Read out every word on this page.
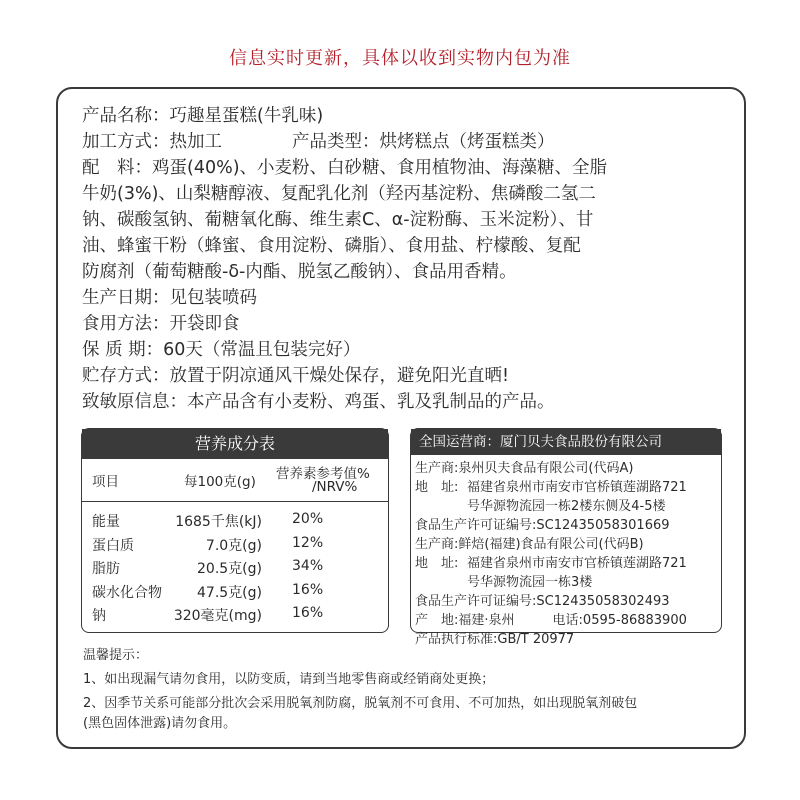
信息实时更新，具体以收到实物内包为准
产品名称：巧趣星蛋糕(牛乳味)
加工方式：热加工	产品类型：烘烤糕点（烤蛋糕类）
配　料：鸡蛋(40%)、小麦粉、白砂糖、食用植物油、海藻糖、全脂
牛奶(3%)、山梨糖醇液、复配乳化剂（羟丙基淀粉、焦磷酸二氢二
钠、碳酸氢钠、葡糖氧化酶、维生素C、α-淀粉酶、玉米淀粉）、甘
油、蜂蜜干粉（蜂蜜、食用淀粉、磷脂）、食用盐、柠檬酸、复配
防腐剂（葡萄糖酸-δ-内酯、脱氢乙酸钠）、食品用香精。
生产日期：见包装喷码
食用方法：开袋即食
保 质 期：60天（常温且包装完好）
贮存方式：放置于阴凉通风干燥处保存，避免阳光直晒!
致敏原信息：本产品含有小麦粉、鸡蛋、乳及乳制品的产品。
营养成分表
项目	每100克(g) 营养素参考值%
/NRV%
能量	1685千焦(kJ) 20%
蛋白质	7.0克(g) 12%
脂肪	20.5克(g) 34%
碳水化合物	47.5克(g) 16%
钠	320毫克(mg) 16%
全国运营商：厦门贝夫食品股份有限公司
生产商:泉州贝夫食品有限公司(代码A)
地　址: 福建省泉州市南安市官桥镇莲湖路721
号华源物流园一栋2楼东侧及4-5楼
食品生产许可证编号:SC12435058301669
生产商:鲜焙(福建)食品有限公司(代码B)
地　址: 福建省泉州市南安市官桥镇莲湖路721
号华源物流园一栋3楼
食品生产许可证编号:SC12435058302493
产　地:福建·泉州	电话:0595-86883900
产品执行标准:GB/T 20977
温馨提示：
1、如出现漏气请勿食用，以防变质，请到当地零售商或经销商处更换；
2、因季节关系可能部分批次会采用脱氧剂防腐，脱氧剂不可食用、不可加热，如出现脱氧剂破包
(黑色固体泄露)请勿食用。
